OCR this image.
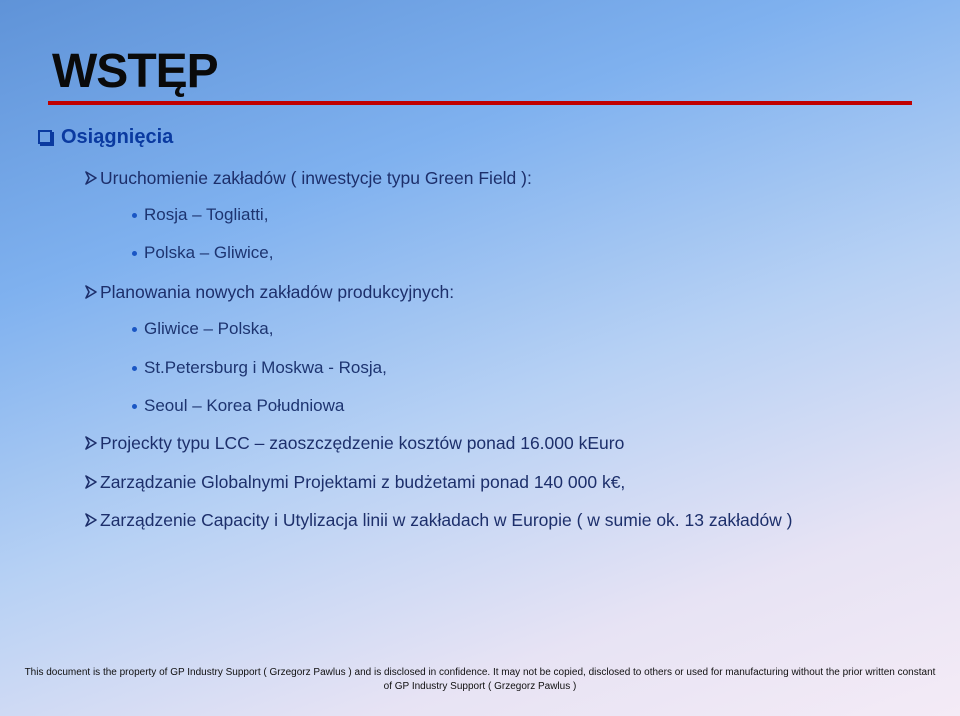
WSTĘP
Osiągnięcia
Uruchomienie zakładów ( inwestycje typu Green Field ):
Rosja – Togliatti,
Polska – Gliwice,
Planowania nowych zakładów produkcyjnych:
Gliwice – Polska,
St.Petersburg i Moskwa - Rosja,
Seoul – Korea Południowa
Projeckty typu LCC – zaoszczędzenie kosztów ponad 16.000 kEuro
Zarządzanie Globalnymi Projektami z budżetami ponad 140 000 k€,
Zarządzenie Capacity i Utylizacja linii w zakładach w Europie ( w sumie ok. 13 zakładów )
This document is the property of GP Industry Support ( Grzegorz Pawlus ) and is disclosed in confidence. It may not be copied, disclosed to others or used for manufacturing without the prior written constant
of GP Industry Support ( Grzegorz Pawlus )
